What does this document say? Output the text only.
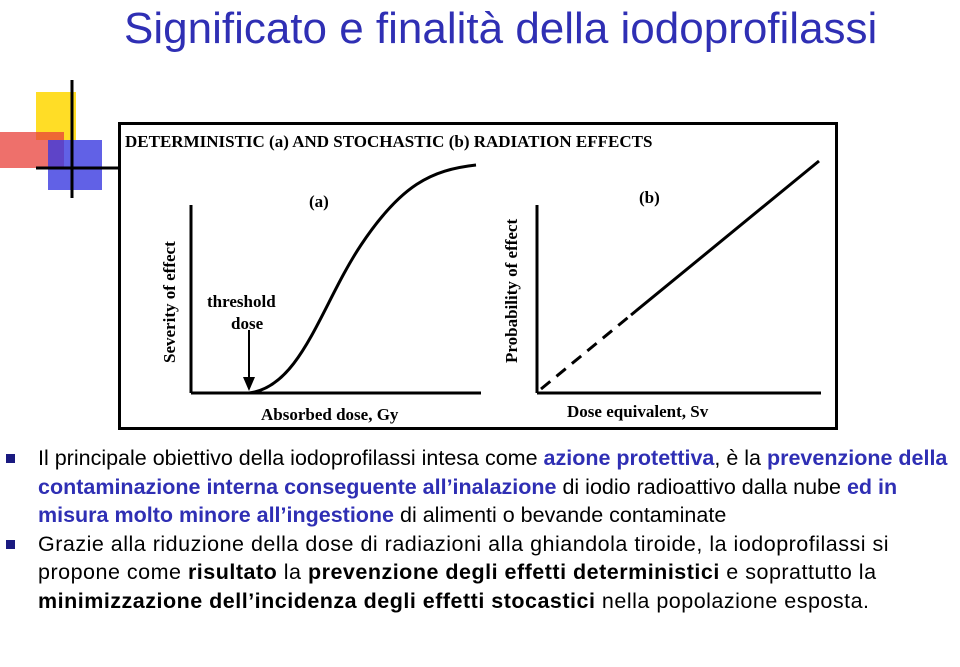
Significato e finalità della iodoprofilassi
DETERMINISTIC (a) AND STOCHASTIC (b) RADIATION EFFECTS
(a)
threshold
dose
Severity of effect
Absorbed dose, Gy
(b)
Probability of effect
Dose equivalent, Sv

Il principale obiettivo della iodoprofilassi intesa come azione protettiva, è la prevenzione della contaminazione interna conseguente all’inalazione di iodio radioattivo dalla nube ed in misura molto minore all’ingestione di alimenti o bevande contaminate

Grazie alla riduzione della dose di radiazioni alla ghiandola tiroide, la iodoprofilassi si propone come risultato la prevenzione degli effetti deterministici e soprattutto la minimizzazione dell’incidenza degli effetti stocastici nella popolazione esposta.
